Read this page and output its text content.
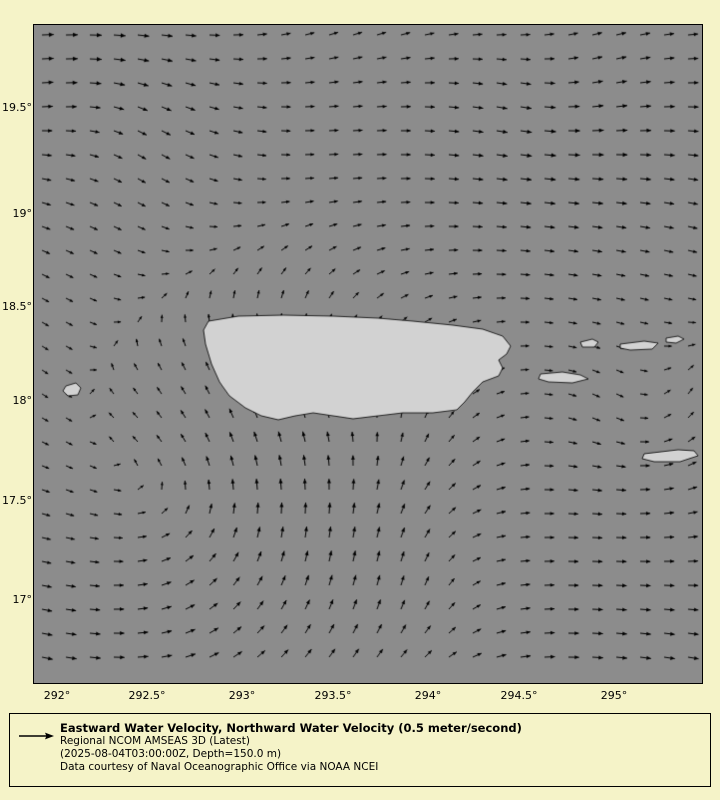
19.5°
19°
18.5°
18°
17.5°
17°
292°	292.5°	293°	293.5°	294°	294.5°	295°
Eastward Water Velocity, Northward Water Velocity (0.5 meter/second)
Regional NCOM AMSEAS 3D (Latest)
(2025-08-04T03:00:00Z, Depth=150.0 m)
Data courtesy of Naval Oceanographic Office via NOAA NCEI
